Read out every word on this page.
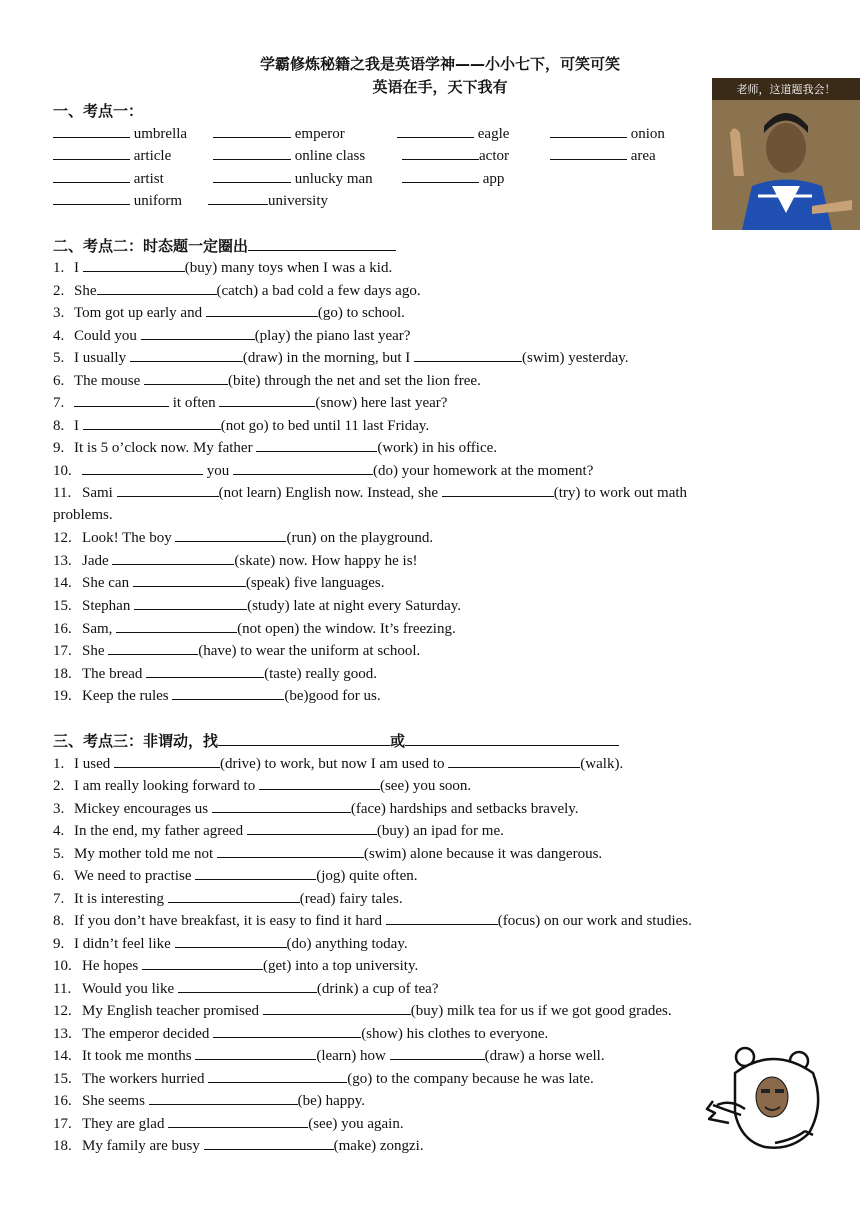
学霸修炼秘籍之我是英语学神——小小七下，可笑可笑
英语在手，天下我有	老师，这道题我会！
一、考点一：
umbrella	emperor	eagle	onion
article	online class	actor	area
artist	unlucky man	app
uniform	university
二、考点二：时态题一定圈出
1. I	(buy) many toys when I was a kid.
2. She	(catch) a bad cold a few days ago.
3. Tom got up early and	(go) to school.
4. Could you	(play) the piano last year?
5. I usually	(draw) in the morning, but I	(swim) yesterday.
6. The mouse	(bite) through the net and set the lion free.
7.	it often	(snow) here last year?
8. I	(not go) to bed until 11 last Friday.
9. It is 5 o’clock now. My father	(work) in his office.
10.	you	(do) your homework at the moment?
11. Sami	(not learn) English now. Instead, she	(try) to work out math
problems.
12. Look! The boy	(run) on the playground.
13. Jade	(skate) now. How happy he is!
14. She can	(speak) five languages.
15. Stephan	(study) late at night every Saturday.
16. Sam,	(not open) the window. It’s freezing.
17. She	(have) to wear the uniform at school.
18. The bread	(taste) really good.
19. Keep the rules	(be)good for us.
三、考点三：非谓动，找	或
1. I used	(drive) to work, but now I am used to	(walk).
2. I am really looking forward to	(see) you soon.
3. Mickey encourages us	(face) hardships and setbacks bravely.
4. In the end, my father agreed	(buy) an ipad for me.
5. My mother told me not	(swim) alone because it was dangerous.
6. We need to practise	(jog) quite often.
7. It is interesting	(read) fairy tales.
8. If you don’t have breakfast, it is easy to find it hard	(focus) on our work and studies.
9. I didn’t feel like	(do) anything today.
10. He hopes	(get) into a top university.
11. Would you like	(drink) a cup of tea?
12. My English teacher promised	(buy) milk tea for us if we got good grades.
13. The emperor decided	(show) his clothes to everyone.
14. It took me months	(learn) how	(draw) a horse well.
15. The workers hurried	(go) to the company because he was late.
16. She seems	(be) happy.
17. They are glad	(see) you again.
18. My family are busy	(make) zongzi.
